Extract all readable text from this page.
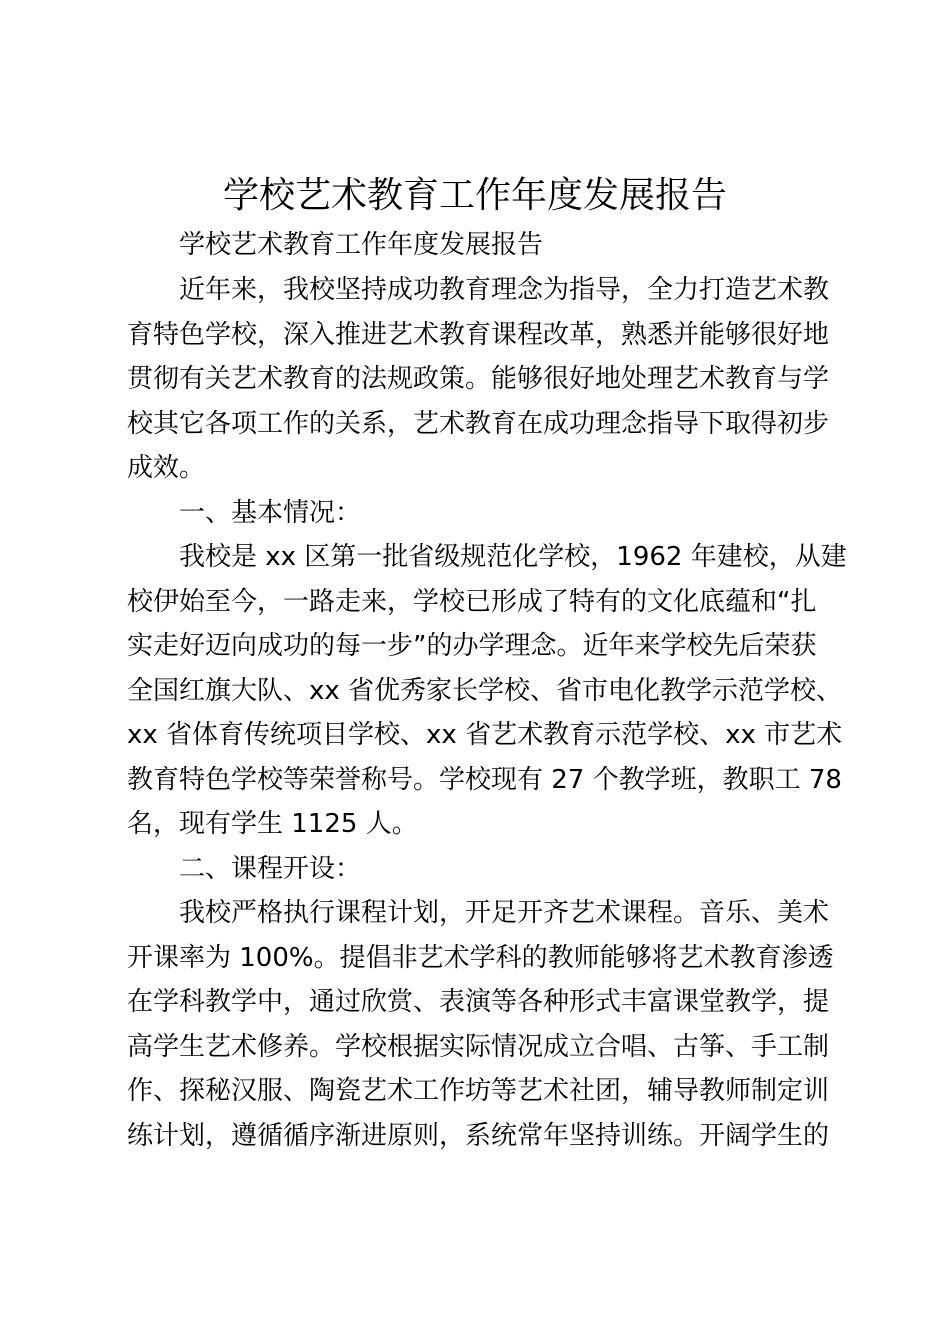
学校艺术教育工作年度发展报告
　　学校艺术教育工作年度发展报告
　　近年来，我校坚持成功教育理念为指导，全力打造艺术教
育特色学校，深入推进艺术教育课程改革，熟悉并能够很好地
贯彻有关艺术教育的法规政策。能够很好地处理艺术教育与学
校其它各项工作的关系，艺术教育在成功理念指导下取得初步
成效。
　　一、基本情况：
　　我校是 xx 区第一批省级规范化学校，1962 年建校，从建
校伊始至今，一路走来，学校已形成了特有的文化底蕴和“扎
实走好迈向成功的每一步”的办学理念。近年来学校先后荣获
全国红旗大队、xx 省优秀家长学校、省市电化教学示范学校、
xx 省体育传统项目学校、xx 省艺术教育示范学校、xx 市艺术
教育特色学校等荣誉称号。学校现有 27 个教学班，教职工 78
名，现有学生 1125 人。
　　二、课程开设：
　　我校严格执行课程计划，开足开齐艺术课程。音乐、美术
开课率为 100%。提倡非艺术学科的教师能够将艺术教育渗透
在学科教学中，通过欣赏、表演等各种形式丰富课堂教学，提
高学生艺术修养。学校根据实际情况成立合唱、古筝、手工制
作、探秘汉服、陶瓷艺术工作坊等艺术社团，辅导教师制定训
练计划，遵循循序渐进原则，系统常年坚持训练。开阔学生的
